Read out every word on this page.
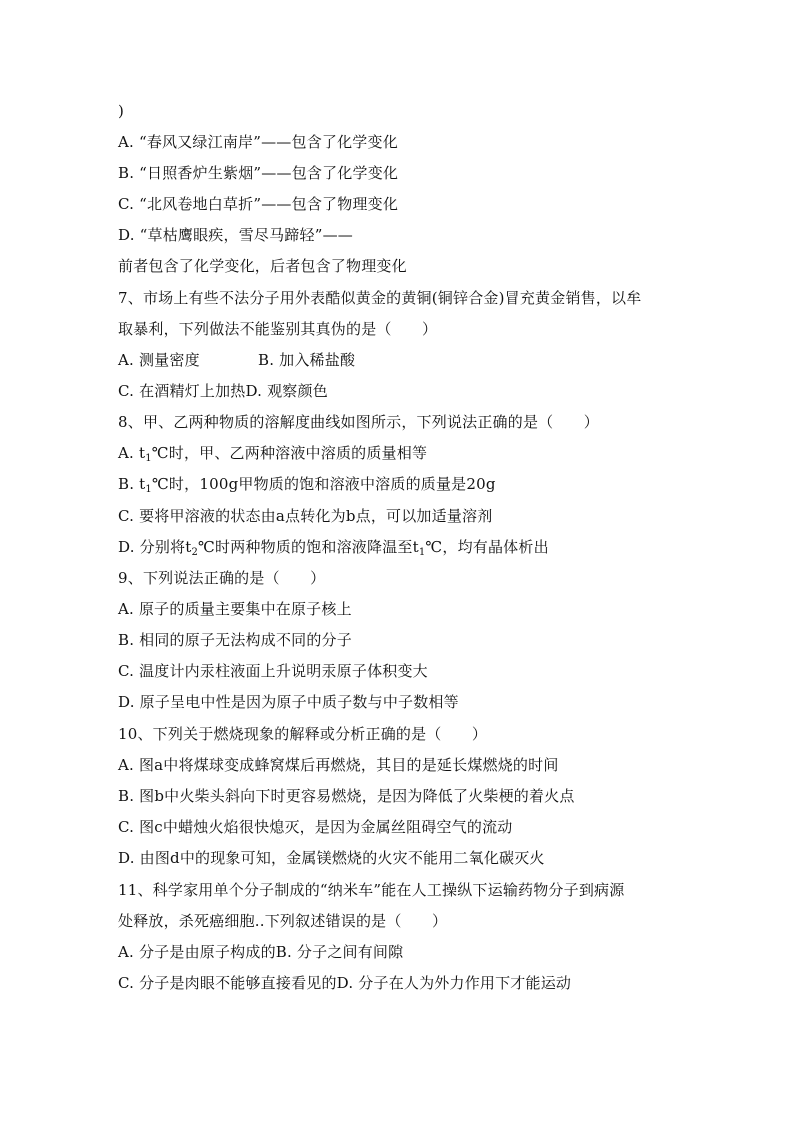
)
A. “春风又绿江南岸”——包含了化学变化
B. “日照香炉生紫烟”——包含了化学变化
C. “北风卷地白草折”——包含了物理变化
D. “草枯鹰眼疾，雪尽马蹄轻”——
前者包含了化学变化，后者包含了物理变化
7、市场上有些不法分子用外表酷似黄金的黄铜(铜锌合金)冒充黄金销售，以牟
取暴利，下列做法不能鉴别其真伪的是（　　）
A. 测量密度	B. 加入稀盐酸
C. 在酒精灯上加热D. 观察颜色
8、甲、乙两种物质的溶解度曲线如图所示，下列说法正确的是（　　）
A. $t_1℃$时，甲、乙两种溶液中溶质的质量相等
B. $t_1℃$时，100g甲物质的饱和溶液中溶质的质量是20g
C. 要将甲溶液的状态由a点转化为b点，可以加适量溶剂
D. 分别将$t_2℃$时两种物质的饱和溶液降温至$t_1℃$，均有晶体析出
9、下列说法正确的是（　　）
A. 原子的质量主要集中在原子核上
B. 相同的原子无法构成不同的分子
C. 温度计内汞柱液面上升说明汞原子体积变大
D. 原子呈电中性是因为原子中质子数与中子数相等
10、下列关于燃烧现象的解释或分析正确的是（　　）
A. 图a中将煤球变成蜂窝煤后再燃烧，其目的是延长煤燃烧的时间
B. 图b中火柴头斜向下时更容易燃烧，是因为降低了火柴梗的着火点
C. 图c中蜡烛火焰很快熄灭，是因为金属丝阻碍空气的流动
D. 由图d中的现象可知，金属镁燃烧的火灾不能用二氧化碳灭火
11、科学家用单个分子制成的“纳米车”能在人工操纵下运输药物分子到病源
处释放，杀死癌细胞..下列叙述错误的是（　　）
A. 分子是由原子构成的B. 分子之间有间隙
C. 分子是肉眼不能够直接看见的D. 分子在人为外力作用下才能运动
